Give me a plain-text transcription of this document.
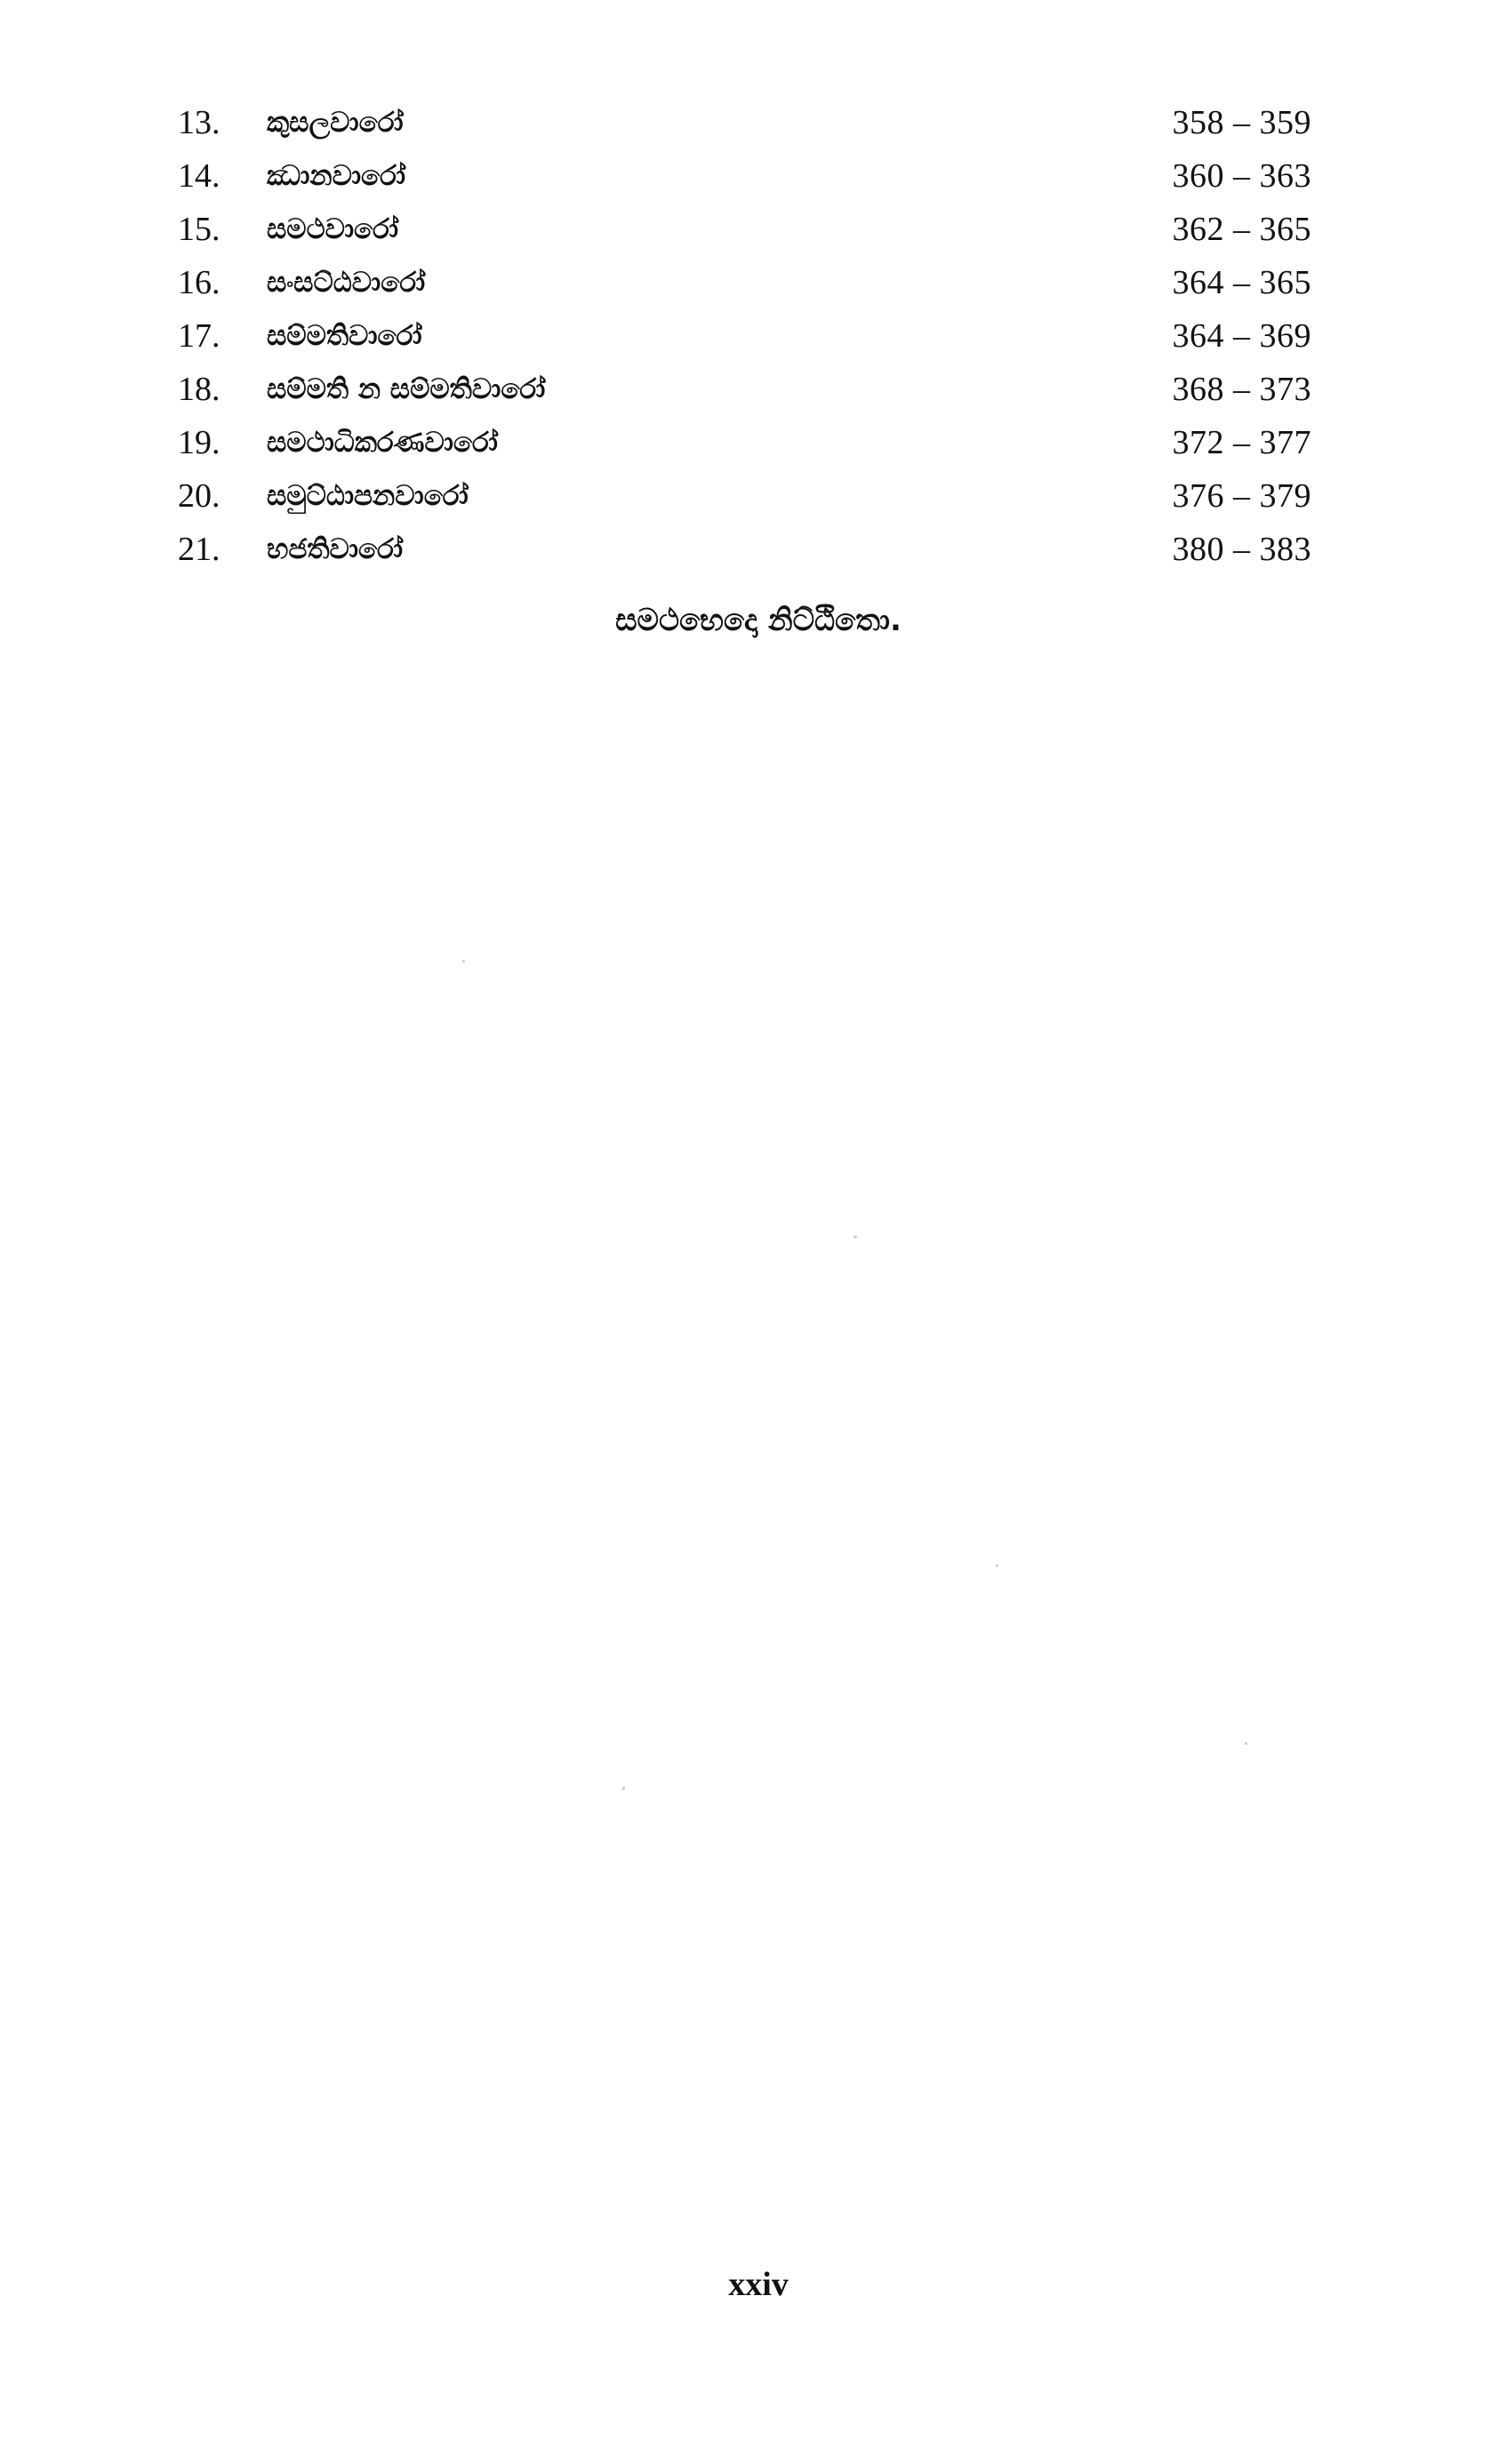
13.	කුසලවාරෝ	358 – 359
14.	ඣානවාරෝ	360 – 363
15.	සමථවාරෝ	362 – 365
16.	සංසට්ඨවාරෝ	364 – 365
17.	සම්මතිවාරෝ	364 – 369
18.	සම්මති න සම්මතිවාරෝ	368 – 373
19.	සමථාධිකරණවාරෝ	372 – 377
20.	සමුට්ඨාපනවාරෝ	376 – 379
21.	භජතිවාරෝ	380 – 383
සමථභෙදො නිට්ඨිතො.
xxiv
